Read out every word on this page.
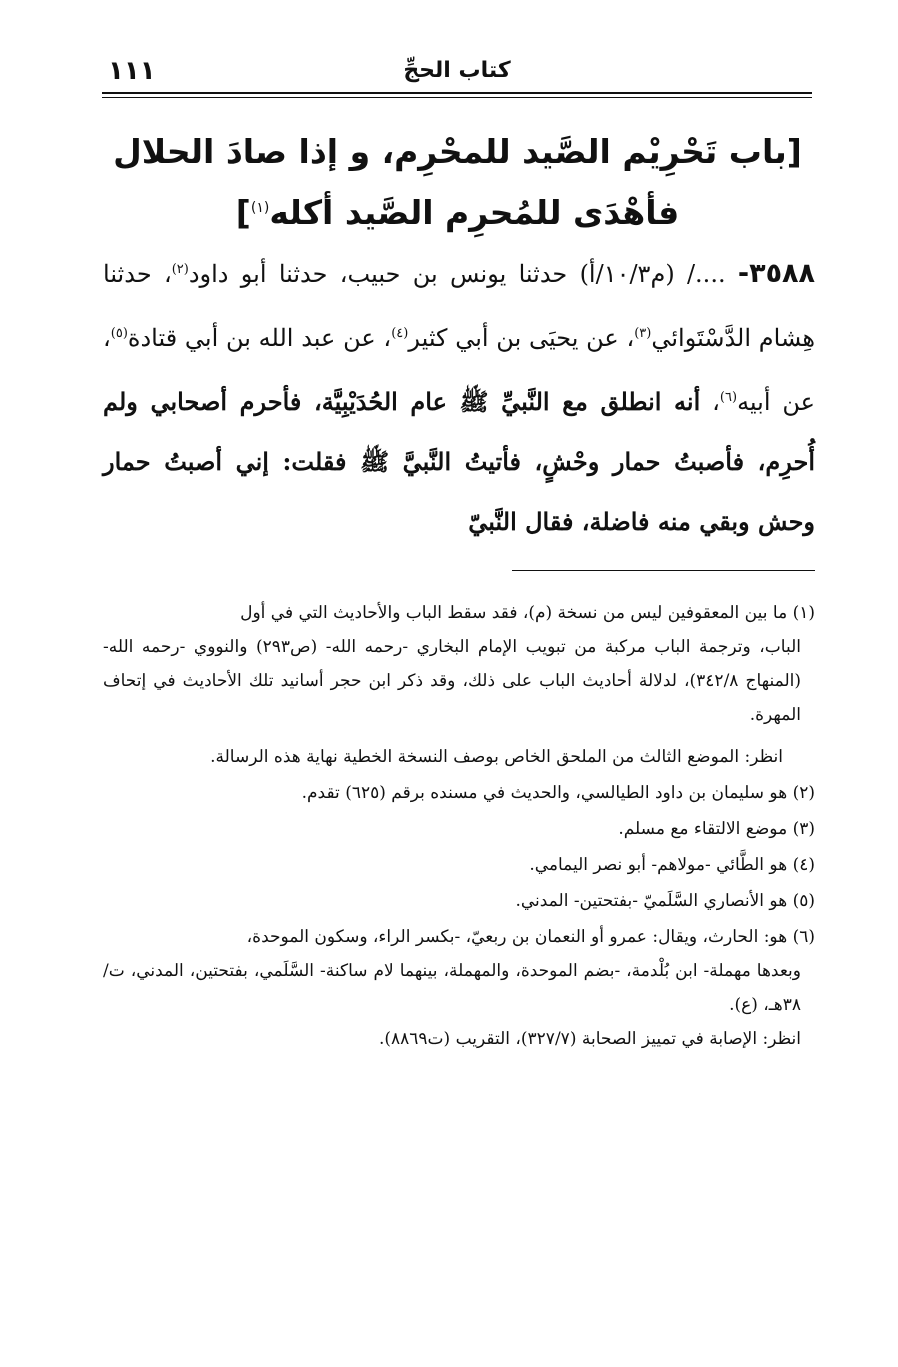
كتاب الحجِّ
١١١
[باب تَحْرِيْم الصَّيد للمحْرِم، و إذا صادَ الحلال فأهْدَى للمُحرِم الصَّيد أكله$^{(١)}$]

٣٥٨٨- ..../ (م١٠/٣/أ) حدثنا يونس بن حبيب، حدثنا أبو داود$^{(٢)}$، حدثنا هِشام الدَّسْتَوائي$^{(٣)}$، عن يحيَى بن أبي كثير$^{(٤)}$، عن عبد الله بن أبي قتادة$^{(٥)}$، عن أبيه$^{(٦)}$، أنه انطلق مع النَّبيِّ ﷺ عام الحُدَيْبِيَّة، فأحرم أصحابي ولم أُحرِم، فأصبتُ حمار وحْشٍ، فأتيتُ النَّبيَّ ﷺ فقلت: إني أصبتُ حمار وحش وبقي منه فاضلة، فقال النَّبيّ

(١) ما بين المعقوفين ليس من نسخة (م)، فقد سقط الباب والأحاديث التي في أول

الباب، وترجمة الباب مركبة من تبويب الإمام البخاري -رحمه الله- (ص٢٩٣) والنووي -رحمه الله- (المنهاج ٣٤٢/٨)، لدلالة أحاديث الباب على ذلك، وقد ذكر ابن حجر أسانيد تلك الأحاديث في إتحاف المهرة.

انظر: الموضع الثالث من الملحق الخاص بوصف النسخة الخطية نهاية هذه الرسالة.

(٢) هو سليمان بن داود الطيالسي، والحديث في مسنده برقم (٦٢٥) تقدم.

(٣) موضع الالتقاء مع مسلم.

(٤) هو الطَّائي -مولاهم- أبو نصر اليمامي.

(٥) هو الأنصاري السَّلَميّ -بفتحتين- المدني.

(٦) هو: الحارث، ويقال: عمرو أو النعمان بن ربعيّ، -بكسر الراء، وسكون الموحدة،

وبعدها مهملة- ابن بُلْدمة، -بضم الموحدة، والمهملة، بينهما لام ساكنة- السَّلَمي، بفتحتين، المدني، ت/٣٨هـ، (ع).

انظر: الإصابة في تمييز الصحابة (٣٢٧/٧)، التقريب (ت٨٨٦٩).
